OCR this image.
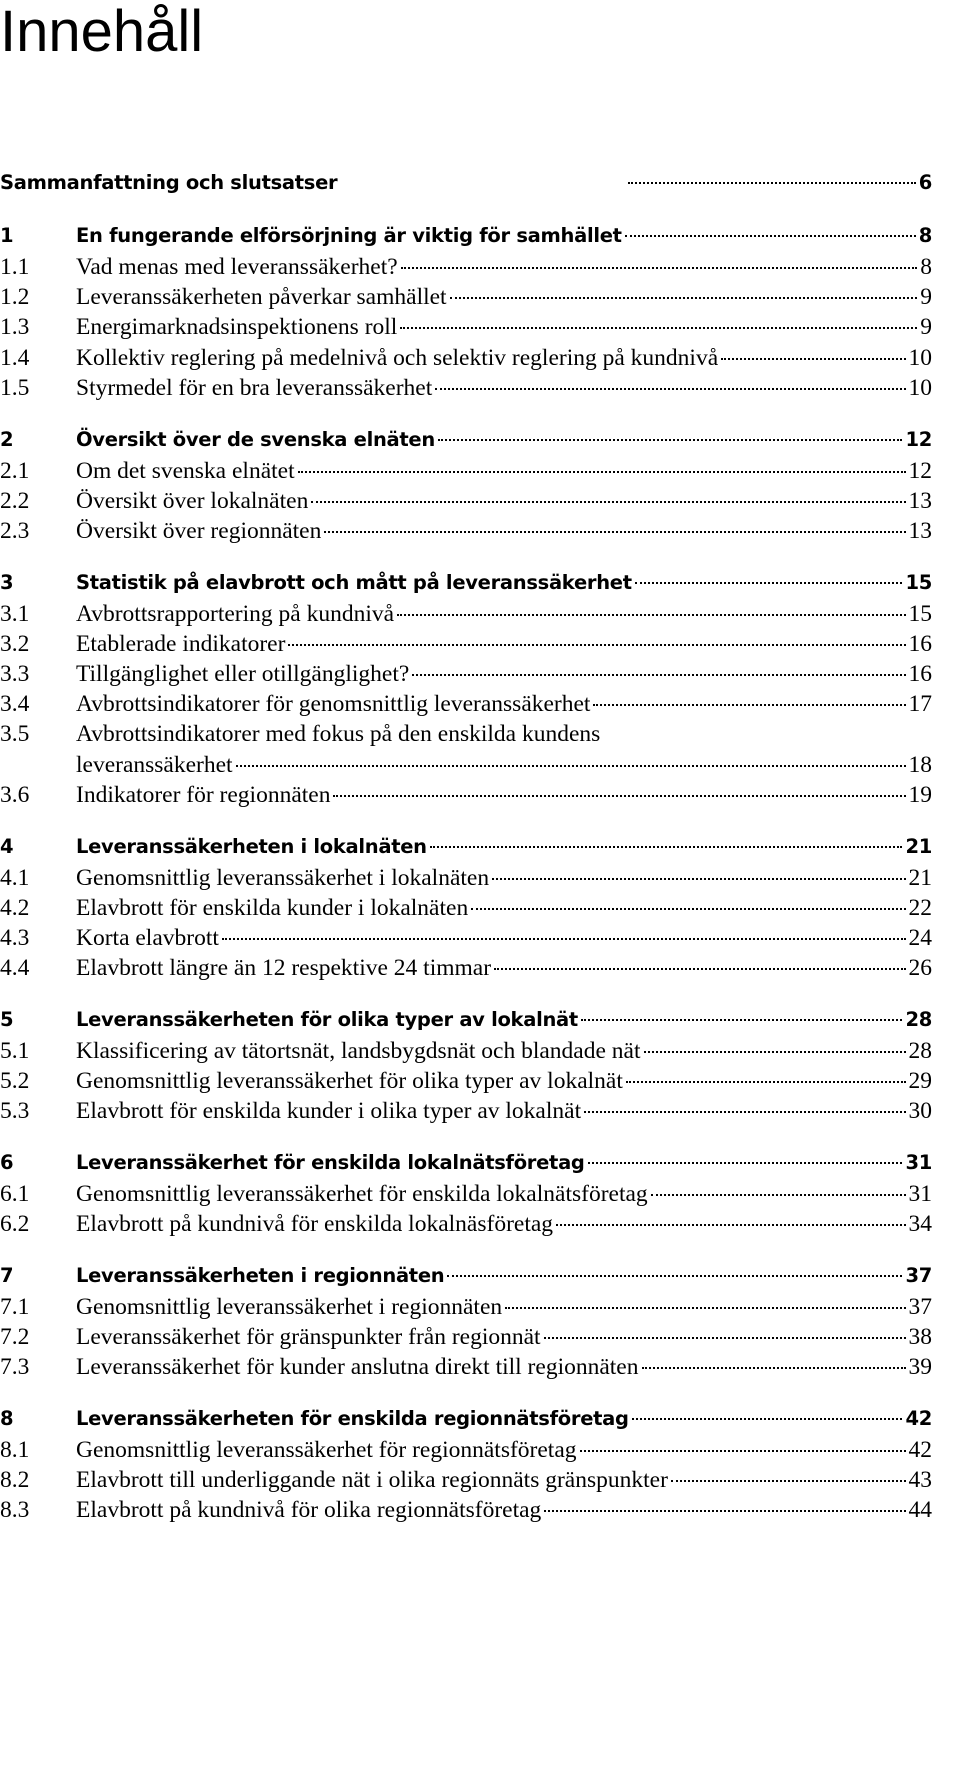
Innehåll
Sammanfattning och slutsatser	6
1	En fungerande elförsörjning är viktig för samhället	8
1.1	Vad menas med leveranssäkerhet?	8
1.2	Leveranssäkerheten påverkar samhället	9
1.3	Energimarknadsinspektionens roll	9
1.4	Kollektiv reglering på medelnivå och selektiv reglering på kundnivå	10
1.5	Styrmedel för en bra leveranssäkerhet	10
2	Översikt över de svenska elnäten	12
2.1	Om det svenska elnätet	12
2.2	Översikt över lokalnäten	13
2.3	Översikt över regionnäten	13
3	Statistik på elavbrott och mått på leveranssäkerhet	15
3.1	Avbrottsrapportering på kundnivå	15
3.2	Etablerade indikatorer	16
3.3	Tillgänglighet eller otillgänglighet?	16
3.4	Avbrottsindikatorer för genomsnittlig leveranssäkerhet	17
3.5 Avbrottsindikatorer med fokus på den enskilda kundens
leveranssäkerhet	18
3.6	Indikatorer för regionnäten	19
4	Leveranssäkerheten i lokalnäten	21
4.1	Genomsnittlig leveranssäkerhet i lokalnäten	21
4.2	Elavbrott för enskilda kunder i lokalnäten	22
4.3	Korta elavbrott	24
4.4	Elavbrott längre än 12 respektive 24 timmar	26
5	Leveranssäkerheten för olika typer av lokalnät	28
5.1	Klassificering av tätortsnät, landsbygdsnät och blandade nät	28
5.2	Genomsnittlig leveranssäkerhet för olika typer av lokalnät	29
5.3	Elavbrott för enskilda kunder i olika typer av lokalnät	30
6	Leveranssäkerhet för enskilda lokalnätsföretag	31
6.1	Genomsnittlig leveranssäkerhet för enskilda lokalnätsföretag	31
6.2	Elavbrott på kundnivå för enskilda lokalnäsföretag	34
7	Leveranssäkerheten i regionnäten	37
7.1	Genomsnittlig leveranssäkerhet i regionnäten	37
7.2	Leveranssäkerhet för gränspunkter från regionnät	38
7.3	Leveranssäkerhet för kunder anslutna direkt till regionnäten	39
8	Leveranssäkerheten för enskilda regionnätsföretag	42
8.1	Genomsnittlig leveranssäkerhet för regionnätsföretag	42
8.2	Elavbrott till underliggande nät i olika regionnäts gränspunkter	43
8.3	Elavbrott på kundnivå för olika regionnätsföretag	44
